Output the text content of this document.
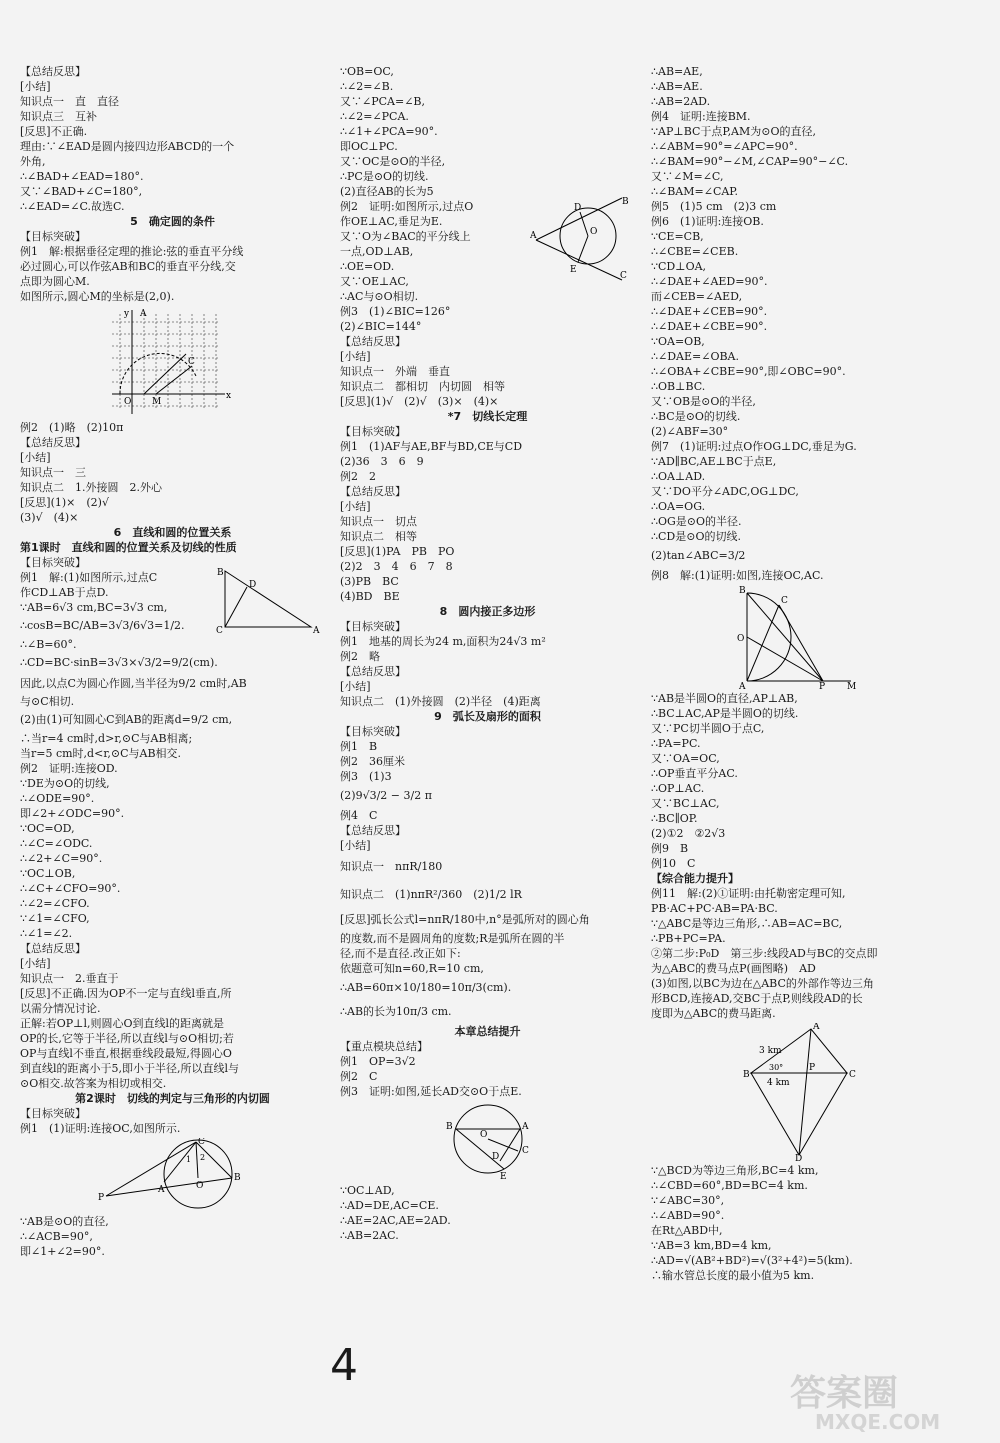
【总结反思】
[小结]
知识点一　直　直径
知识点三　互补
[反思]不正确.
理由:∵∠EAD是圆内接四边形ABCD的一个
外角,
∴∠BAD+∠EAD=180°.
又∵∠BAD+∠C=180°,
∴∠EAD=∠C.故选C.
5　确定圆的条件
【目标突破】
例1　解:根据垂径定理的推论:弦的垂直平分线
必过圆心,可以作弦AB和BC的垂直平分线,交
点即为圆心M.
如图所示,圆心M的坐标是(2,0).
y
C
A
O M
x
例2　(1)略　(2)10π
【总结反思】
[小结]
知识点一　三
知识点二　1.外接圆　2.外心
[反思](1)×　(2)√
(3)√　(4)×
6　直线和圆的位置关系
第1课时　直线和圆的位置关系及切线的性质
B
D
C	A
【目标突破】
例1　解:(1)如图所示,过点C
作CD⊥AB于点D.
∵AB=6√3 cm,BC=3√3 cm,
∴cosB=BC/AB=3√3/6√3=1/2.
∴∠B=60°.
∴CD=BC·sinB=3√3×√3/2=9/2(cm).
因此,以点C为圆心作圆,当半径为9/2 cm时,AB
与⊙C相切.
(2)由(1)可知圆心C到AB的距离d=9/2 cm,
∴当r=4 cm时,d>r,⊙C与AB相离;
当r=5 cm时,d<r,⊙C与AB相交.
例2　证明:连接OD.
∵DE为⊙O的切线,
∴∠ODE=90°.
即∠2+∠ODC=90°.
∵OC=OD,
∴∠C=∠ODC.
∴∠2+∠C=90°.
∵OC⊥OB,
∴∠C+∠CFO=90°.
∴∠2=∠CFO.
∵∠1=∠CFO,
∴∠1=∠2.
【总结反思】
[小结]
知识点一　2.垂直于
[反思]不正确.因为OP不一定与直线l垂直,所
以需分情况讨论.
正解:若OP⊥l,则圆心O到直线l的距离就是
OP的长,它等于半径,所以直线l与⊙O相切;若
OP与直线l不垂直,根据垂线段最短,得圆心O
到直线l的距离小于5,即小于半径,所以直线l与
⊙O相交.故答案为相切或相交.
第2课时　切线的判定与三角形的内切圆
【目标突破】
例1　(1)证明:连接OC,如图所示.
C
1 2
P
A	O
B
∵AB是⊙O的直径,
∴∠ACB=90°,
即∠1+∠2=90°.
B
D
O
A
E
C
∵OB=OC,
∴∠2=∠B.
又∵∠PCA=∠B,
∴∠2=∠PCA.
∴∠1+∠PCA=90°.
即OC⊥PC.
又∵OC是⊙O的半径,
∴PC是⊙O的切线.
(2)直径AB的长为5
例2　证明:如图所示,过点O
作OE⊥AC,垂足为E.
又∵O为∠BAC的平分线上
一点,OD⊥AB,
∴OE=OD.
又∵OE⊥AC,
∴AC与⊙O相切.
例3　(1)∠BIC=126°
(2)∠BIC=144°
【总结反思】
[小结]
知识点一　外端　垂直
知识点二　都相切　内切圆　相等
[反思](1)√　(2)√　(3)×　(4)×
*7　切线长定理
【目标突破】
例1　(1)AF与AE,BF与BD,CE与CD
(2)36　3　6　9
例2　2
【总结反思】
[小结]
知识点一　切点
知识点二　相等
[反思](1)PA　PB　PO
(2)2　3　4　6　7　8
(3)PB　BC
(4)BD　BE
8　圆内接正多边形
【目标突破】
例1　地基的周长为24 m,面积为24√3 m²
例2　略
【总结反思】
[小结]
知识点二　(1)外接圆　(2)半径　(4)距离
9　弧长及扇形的面积
【目标突破】
例1　B
例2　36厘米
例3　(1)3
(2)9√3/2 − 3/2 π
例4　C
【总结反思】
[小结]
知识点一　nπR/180
知识点二　(1)nπR²/360　(2)1/2 lR
[反思]弧长公式l=nπR/180中,n°是弧所对的圆心角
的度数,而不是圆周角的度数;R是弧所在圆的半
径,而不是直径.改正如下:
依题意可知n=60,R=10 cm,
∴AB=60π×10/180=10π/3(cm).
∴AB的长为10π/3 cm.
本章总结提升
【重点模块总结】
例1　OP=3√2
例2　C
例3　证明:如图,延长AD交⊙O于点E.
B
O
C
D
A
E
∵OC⊥AD,
∴AD=DE,AC=CE.
∴AE=2AC,AE=2AD.
∴AB=2AC.
∴AB=AE,
∴AB=AE.
∴AB=2AD.
例4　证明:连接BM.
∵AP⊥BC于点P,AM为⊙O的直径,
∴∠ABM=90°=∠APC=90°.
∴∠BAM=90°−∠M,∠CAP=90°−∠C.
又∵∠M=∠C,
∴∠BAM=∠CAP.
例5　(1)5 cm　(2)3 cm
例6　(1)证明:连接OB.
∵CE=CB,
∴∠CBE=∠CEB.
∵CD⊥OA,
∴∠DAE+∠AED=90°.
而∠CEB=∠AED,
∴∠DAE+∠CEB=90°.
∴∠DAE+∠CBE=90°.
∵OA=OB,
∴∠DAE=∠OBA.
∴∠OBA+∠CBE=90°,即∠OBC=90°.
∴OB⊥BC.
又∵OB是⊙O的半径,
∴BC是⊙O的切线.
(2)∠ABF=30°
例7　(1)证明:过点O作OG⊥DC,垂足为G.
∵AD∥BC,AE⊥BC于点E,
∴OA⊥AD.
又∵DO平分∠ADC,OG⊥DC,
∴OA=OG.
∴OG是⊙O的半径.
∴CD是⊙O的切线.
(2)tan∠ABC=3/2
例8　解:(1)证明:如图,连接OC,AC.
B
C
O
A	P M
∵AB是半圆O的直径,AP⊥AB,
∴BC⊥AC,AP是半圆O的切线.
又∵PC切半圆O于点C,
∴PA=PC.
又∵OA=OC,
∴OP垂直平分AC.
∴OP⊥AC.
又∵BC⊥AC,
∴BC∥OP.
(2)①2　②2√3
例9　B
例10　C
【综合能力提升】
例11　解:(2)①证明:由托勒密定理可知,
PB·AC+PC·AB=PA·BC.
∵△ABC是等边三角形,∴AB=AC=BC,
∴PB+PC=PA.
②第二步:P₀D　第三步:线段AD与BC的交点即
为△ABC的费马点P(画图略)　AD
(3)如图,以BC为边在△ABC的外部作等边三角
形BCD,连接AD,交BC于点P,则线段AD的长
度即为△ABC的费马距离.
A
3 km
B
30°	P
C
4 km
D
∵△BCD为等边三角形,BC=4 km,
∴∠CBD=60°,BD=BC=4 km.
∵∠ABC=30°,
∴∠ABD=90°.
在Rt△ABD中,
∵AB=3 km,BD=4 km,
∴AD=√(AB²+BD²)=√(3²+4²)=5(km).
∴输水管总长度的最小值为5 km.
4
答案圈
MXQE.COM
